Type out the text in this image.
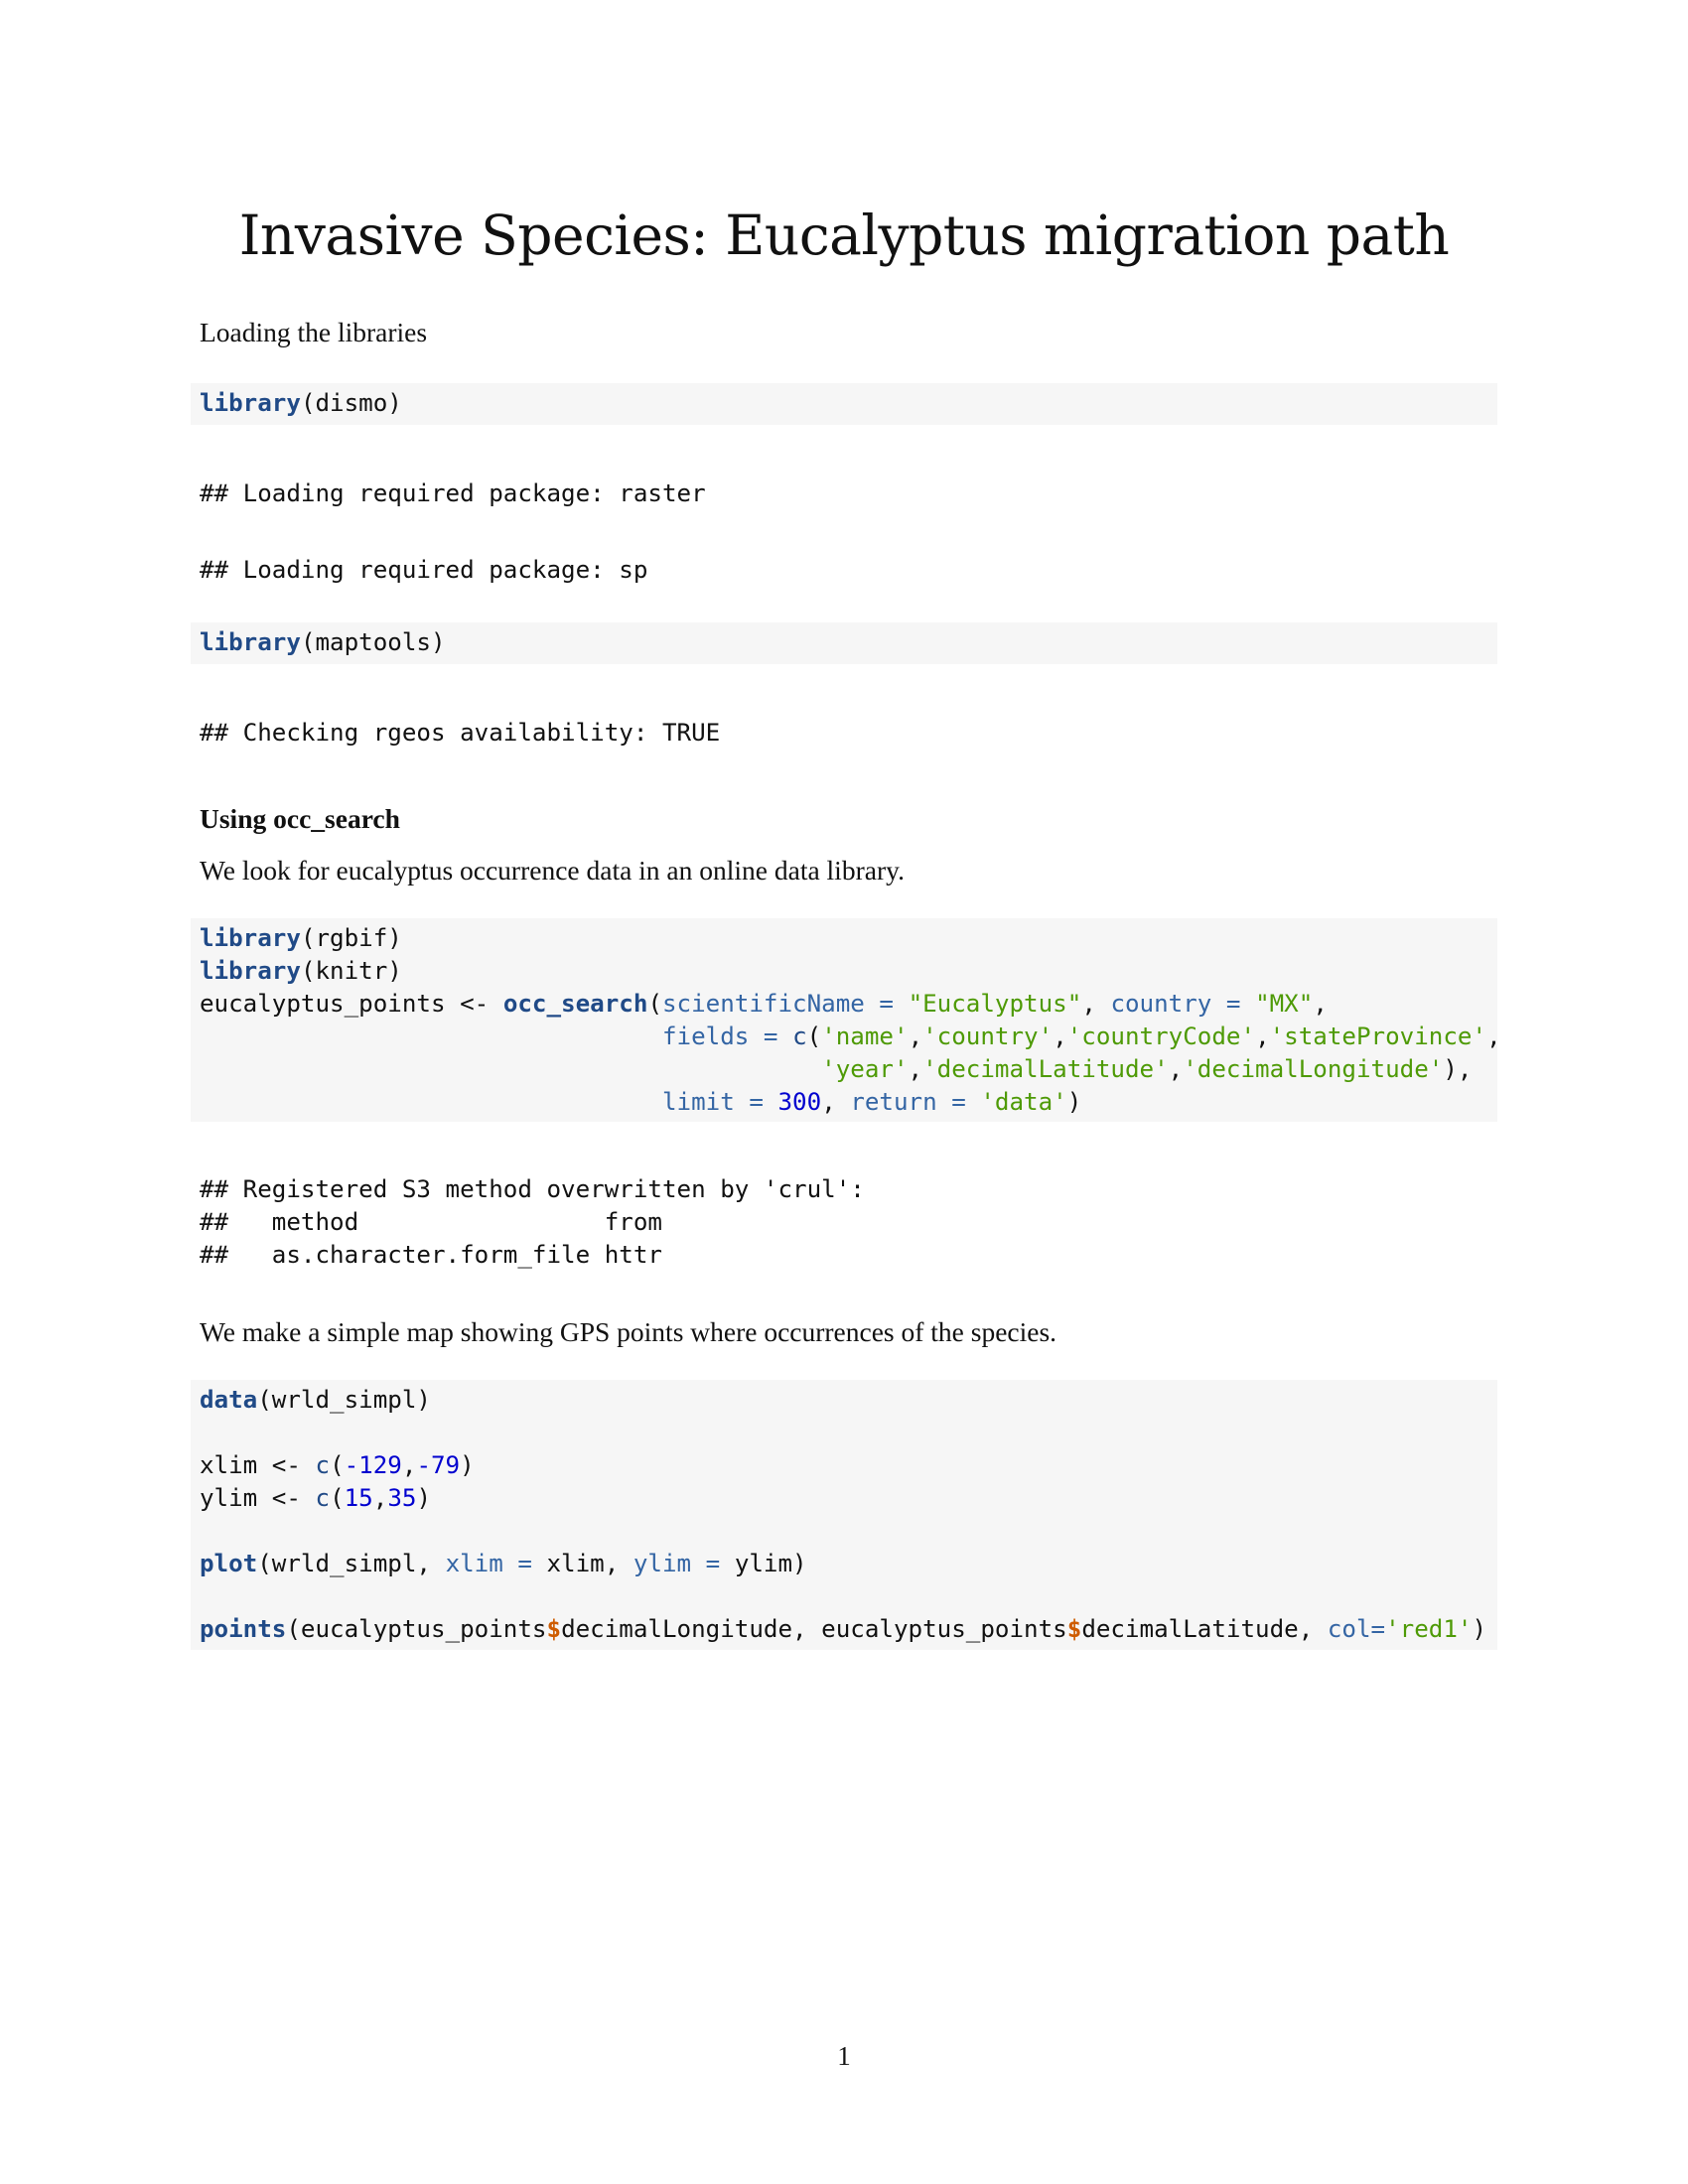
Invasive Species: Eucalyptus migration path

Loading the libraries

library(dismo)
## Loading required package: raster
## Loading required package: sp
library(maptools)
## Checking rgeos availability: TRUE

Using occ_search

We look for eucalyptus occurrence data in an online data library.

library(rgbif)
library(knitr)
eucalyptus_points <- occ_search(scientificName = "Eucalyptus", country = "MX",
fields = c('name','country','countryCode','stateProvince',
'year','decimalLatitude','decimalLongitude'),
limit = 300, return = 'data')
## Registered S3 method overwritten by 'crul':
##   method                 from
##   as.character.form_file httr

We make a simple map showing GPS points where occurrences of the species.

data(wrld_simpl)
xlim <- c(-129,-79)
ylim <- c(15,35)
plot(wrld_simpl, xlim = xlim, ylim = ylim)
points(eucalyptus_points$decimalLongitude, eucalyptus_points$decimalLatitude, col='red1')
1
